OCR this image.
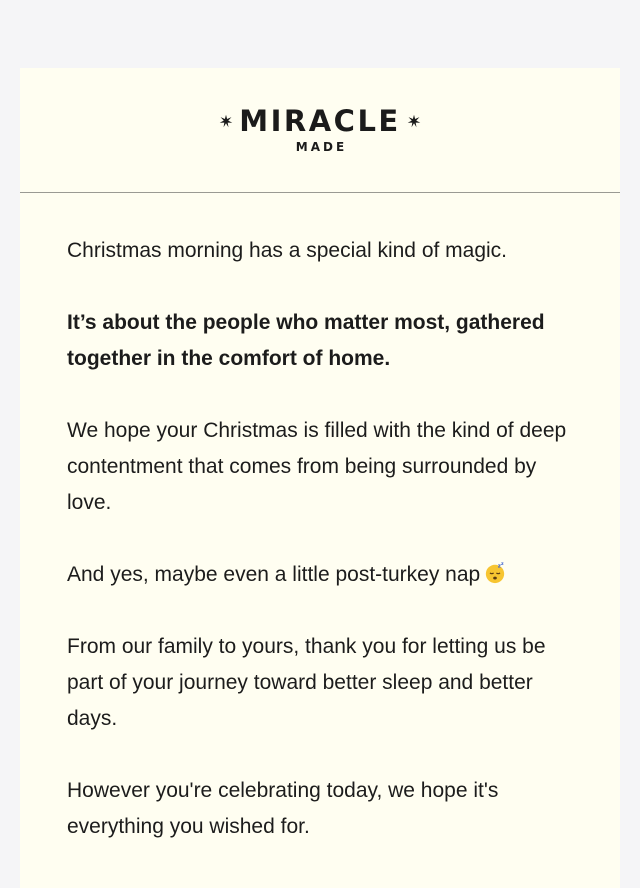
MIRACLE
MADE

Christmas morning has a special kind of magic.

It’s about the people who matter most, gathered together in the comfort of home.

We hope your Christmas is filled with the kind of deep contentment that comes from being surrounded by love.

And yes, maybe even a little post-turkey nap	z z

From our family to yours, thank you for letting us be part of your journey toward better sleep and better days.

However you're celebrating today, we hope it's everything you wished for.
